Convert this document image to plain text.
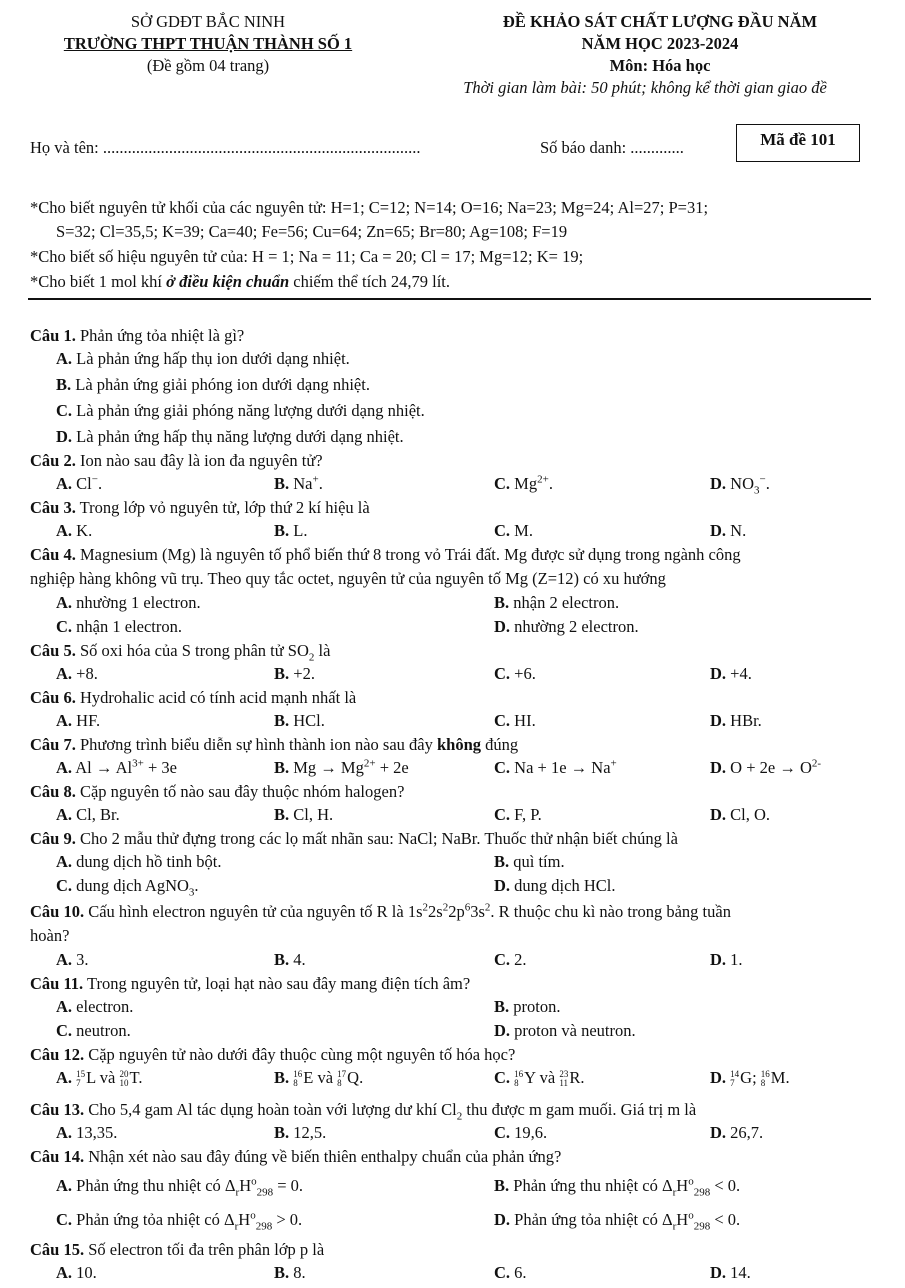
SỞ GDĐT BẮC NINH
TRƯỜNG THPT THUẬN THÀNH SỐ 1
(Đề gồm 04 trang)
ĐỀ KHẢO SÁT CHẤT LƯỢNG ĐẦU NĂM
NĂM HỌC 2023-2024
Môn: Hóa học
Thời gian làm bài: 50 phút; không kể thời gian giao đề
Họ và tên: .............................................................................	Số báo danh: .............	Mã đề 101
*Cho biết nguyên tử khối của các nguyên tử: H=1; C=12; N=14; O=16; Na=23; Mg=24; Al=27; P=31;
S=32; Cl=35,5; K=39; Ca=40; Fe=56; Cu=64; Zn=65; Br=80; Ag=108; F=19
*Cho biết số hiệu nguyên tử của: H = 1; Na = 11; Ca = 20; Cl = 17; Mg=12; K= 19;
*Cho biết 1 mol khí ở điều kiện chuẩn chiếm thể tích 24,79 lít.
Câu 1. Phản ứng tỏa nhiệt là gì?
A. Là phản ứng hấp thụ ion dưới dạng nhiệt.
B. Là phản ứng giải phóng ion dưới dạng nhiệt.
C. Là phản ứng giải phóng năng lượng dưới dạng nhiệt.
D. Là phản ứng hấp thụ năng lượng dưới dạng nhiệt.
Câu 2. Ion nào sau đây là ion đa nguyên tử?
A. Cl−.	B. Na+.	C. $Mg^{2+}$.	D. $NO_3^-$.
Câu 3. Trong lớp vỏ nguyên tử, lớp thứ 2 kí hiệu là
A. K.	B. L.	C. M.	D. N.
Câu 4. Magnesium (Mg) là nguyên tố phổ biến thứ 8 trong vỏ Trái đất. Mg được sử dụng trong ngành công
nghiệp hàng không vũ trụ. Theo quy tắc octet, nguyên tử của nguyên tố Mg (Z=12) có xu hướng
A. nhường 1 electron.	B. nhận 2 electron.
C. nhận 1 electron.	D. nhường 2 electron.
Câu 5. Số oxi hóa của S trong phân tử $SO_2$ là
A. +8.	B. +2.	C. +6.	D. +4.
Câu 6. Hydrohalic acid có tính acid mạnh nhất là
A. HF.	B. HCl.	C. HI.	D. HBr.
Câu 7. Phương trình biểu diễn sự hình thành ion nào sau đây không đúng
A. $Al \to Al^{3+} + 3e$	B. $Mg \to Mg^{2+} + 2e$	C. Na + 1e → Na+	D. $O + 2e \to O^{2-}$
Câu 8. Cặp nguyên tố nào sau đây thuộc nhóm halogen?
A. Cl, Br.	B. Cl, H.	C. F, P.	D. Cl, O.
Câu 9. Cho 2 mẫu thử đựng trong các lọ mất nhãn sau: NaCl; NaBr. Thuốc thử nhận biết chúng là
A. dung dịch hồ tinh bột.	B. quì tím.
C. dung dịch AgNO$_3$.	D. dung dịch HCl.
Câu 10. Cấu hình electron nguyên tử của nguyên tố R là $1s^22s^22p^63s^2$. R thuộc chu kì nào trong bảng tuần
hoàn?
A. 3.	B. 4.	C. 2.	D. 1.
Câu 11. Trong nguyên tử, loại hạt nào sau đây mang điện tích âm?
A. electron.	B. proton.
C. neutron.	D. proton và neutron.
Câu 12. Cặp nguyên tử nào dưới đây thuộc cùng một nguyên tố hóa học?
A. 15
7 L và 20
10 T.	B. 16
8 E và 17
8 Q.	C. 16
8 Y và 23
11 R.	D. 14
7 G; 16
8 M.
Câu 13. Cho 5,4 gam Al tác dụng hoàn toàn với lượng dư khí $Cl_2$ thu được m gam muối. Giá trị m là
A. 13,35.	B. 12,5.	C. 19,6.	D. 26,7.
Câu 14. Nhận xét nào sau đây đúng về biến thiên enthalpy chuẩn của phản ứng?
A. Phản ứng thu nhiệt có $\Delta_rH^o_{298} = 0$.	B. Phản ứng thu nhiệt có $\Delta_rH^o_{298} < 0$.
C. Phản ứng tỏa nhiệt có $\Delta_rH^o_{298} > 0$.	D. Phản ứng tỏa nhiệt có $\Delta_rH^o_{298} < 0$.
Câu 15. Số electron tối đa trên phân lớp p là
A. 10.	B. 8.	C. 6.	D. 14.
